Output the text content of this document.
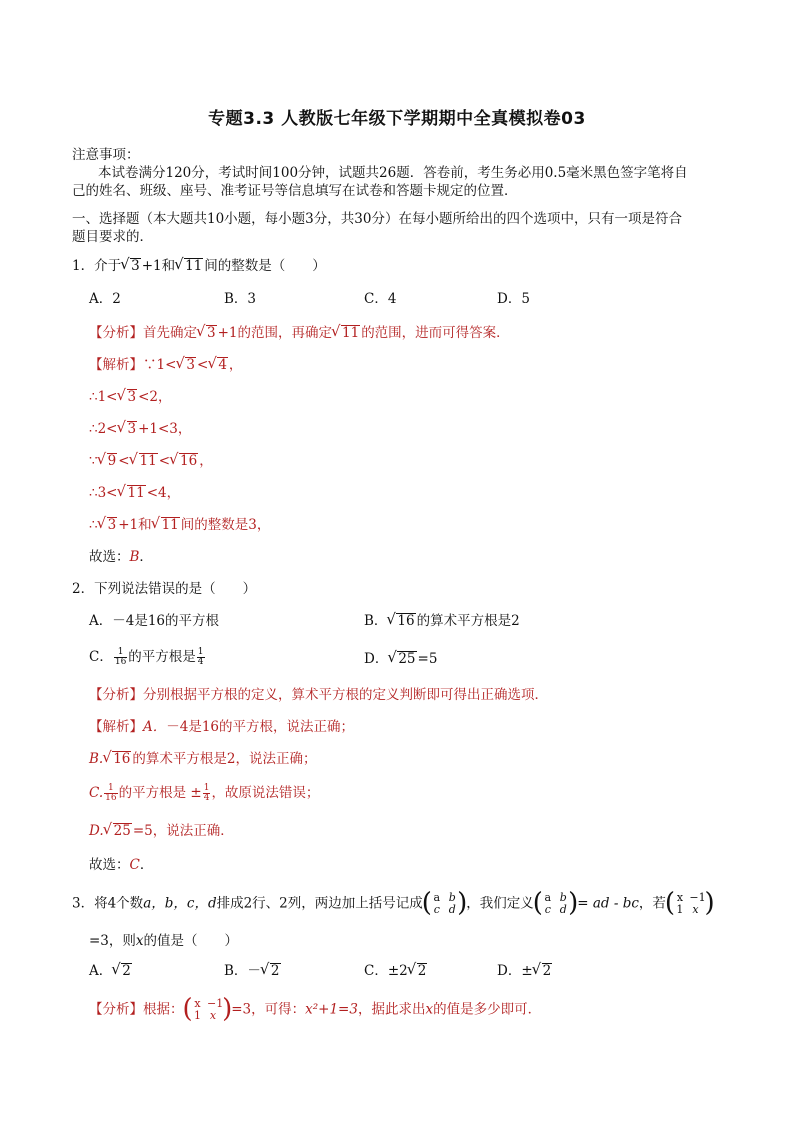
专题3.3 人教版七年级下学期期中全真模拟卷03
注意事项：
本试卷满分120分，考试时间100分钟，试题共26题．答卷前，考生务必用0.5毫米黑色签字笔将自
己的姓名、班级、座号、准考证号等信息填写在试卷和答题卡规定的位置．
一、选择题（本大题共10小题，每小题3分，共30分）在每小题所给出的四个选项中，只有一项是符合
题目要求的．
1．介于 √ 3 +1和 √ 11 间的整数是（　　）
A．2	B．3	C．4	D．5
【分析】首先确定 √ 3 +1的范围，再确定 √ 11 的范围，进而可得答案．
【解析】∵1< √ 3 < √ 4 ，
∴1< √ 3 <2，
∴2< √ 3 +1<3，
∵ √ 9 < √ 11 < √ 16 ，
∴3< √ 11 <4，
∴ √ 3 +1和 √ 11 间的整数是3，
故选：B．
2．下列说法错误的是（　　）
A．－4是16的平方根	B． √ 16 的算术平方根是2
C． $\frac{1}{16}$ 的平方根是 $\frac{1}{4}$	D． √ 25 =5
【分析】分别根据平方根的定义，算术平方根的定义判断即可得出正确选项．
【解析】A．－4是16的平方根，说法正确；
B. √ 16 的算术平方根是2，说法正确；
C. $\frac{1}{16}$ 的平方根是 ± $\frac{1}{4}$ ，故原说法错误；
D. √ 25 =5，说法正确．
故选：C．
3．将4个数a，b，c，d排成2行、2列，两边加上括号记成 ( a b
c d
) ，我们定义 ( a b
c d
) = ad - bc，若 ( x −1
1 x
)
=3，则x的值是（　　）
A． √ 2	B．－ √ 2	C．±2 √ 2	D．± √ 2
【分析】根据： ( x −1
1 x
)	=3，可得：x²+1=3，据此求出x的值是多少即可．
